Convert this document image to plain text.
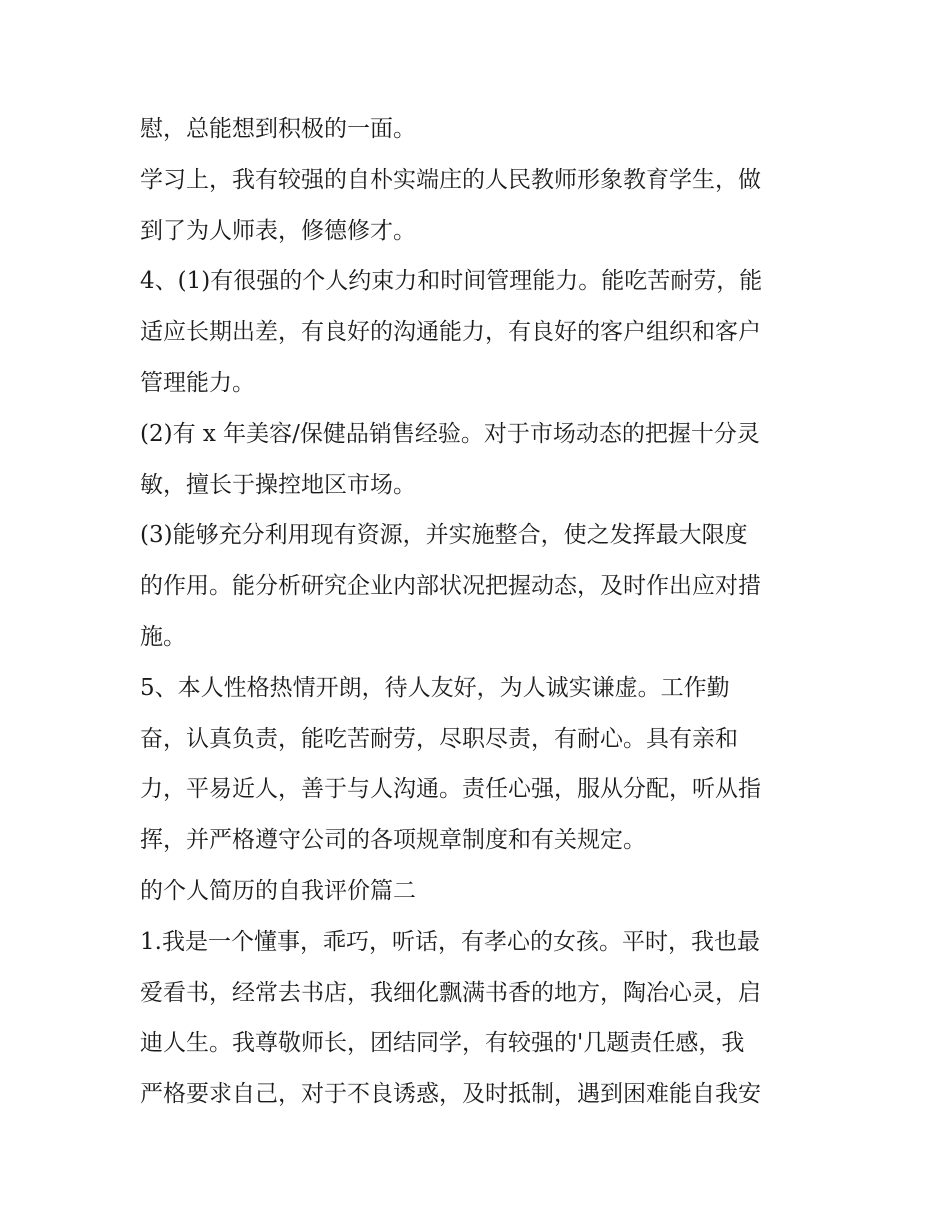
慰，总能想到积极的一面。
学习上，我有较强的自朴实端庄的人民教师形象教育学生，做
到了为人师表，修德修才。
4、(1)有很强的个人约束力和时间管理能力。能吃苦耐劳，能
适应长期出差，有良好的沟通能力，有良好的客户组织和客户
管理能力。
(2)有 x 年美容/保健品销售经验。对于市场动态的把握十分灵
敏，擅长于操控地区市场。
(3)能够充分利用现有资源，并实施整合，使之发挥最大限度
的作用。能分析研究企业内部状况把握动态，及时作出应对措
施。
5、本人性格热情开朗，待人友好，为人诚实谦虚。工作勤
奋，认真负责，能吃苦耐劳，尽职尽责，有耐心。具有亲和
力，平易近人，善于与人沟通。责任心强，服从分配，听从指
挥，并严格遵守公司的各项规章制度和有关规定。
的个人简历的自我评价篇二
1.我是一个懂事，乖巧，听话，有孝心的女孩。平时，我也最
爱看书，经常去书店，我细化飘满书香的地方，陶冶心灵，启
迪人生。我尊敬师长，团结同学，有较强的'几题责任感，我
严格要求自己，对于不良诱惑，及时抵制，遇到困难能自我安
